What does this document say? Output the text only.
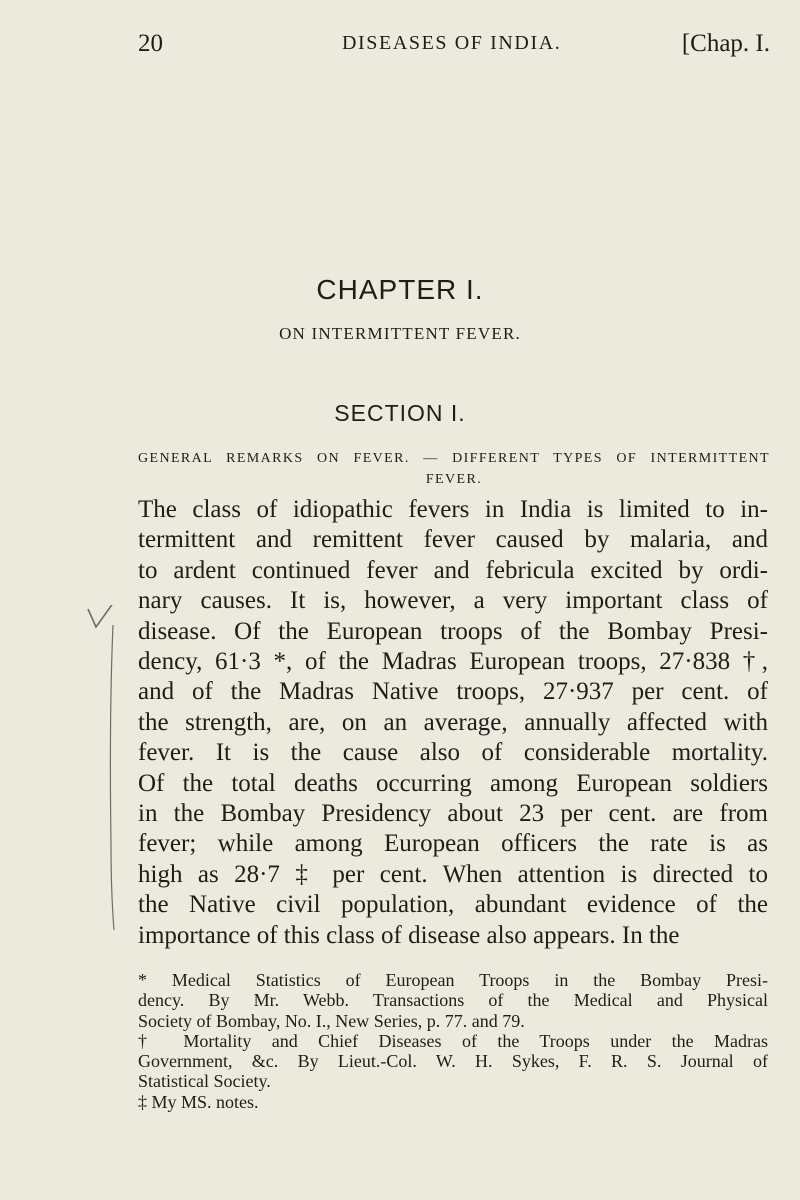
20	DISEASES OF INDIA.	[Chap. I.
CHAPTER I.
ON INTERMITTENT FEVER.
SECTION I.
GENERAL REMARKS ON FEVER. — DIFFERENT TYPES OF INTERMITTENT
FEVER.
The class of idiopathic fevers in India is limited to in-
termittent and remittent fever caused by malaria, and
to ardent continued fever and febricula excited by ordi-
nary causes. It is, however, a very important class of
disease. Of the European troops of the Bombay Presi-
dency, 61·3 *, of the Madras European troops, 27·838 †,
and of the Madras Native troops, 27·937 per cent. of
the strength, are, on an average, annually affected with
fever. It is the cause also of considerable mortality.
Of the total deaths occurring among European soldiers
in the Bombay Presidency about 23 per cent. are from
fever; while among European officers the rate is as
high as 28·7 ‡ per cent. When attention is directed to
the Native civil population, abundant evidence of the
importance of this class of disease also appears. In the
* Medical Statistics of European Troops in the Bombay Presi-
dency. By Mr. Webb. Transactions of the Medical and Physical
Society of Bombay, No. I., New Series, p. 77. and 79.
† Mortality and Chief Diseases of the Troops under the Madras
Government, &c. By Lieut.-Col. W. H. Sykes, F. R. S. Journal of
Statistical Society.
‡ My MS. notes.
